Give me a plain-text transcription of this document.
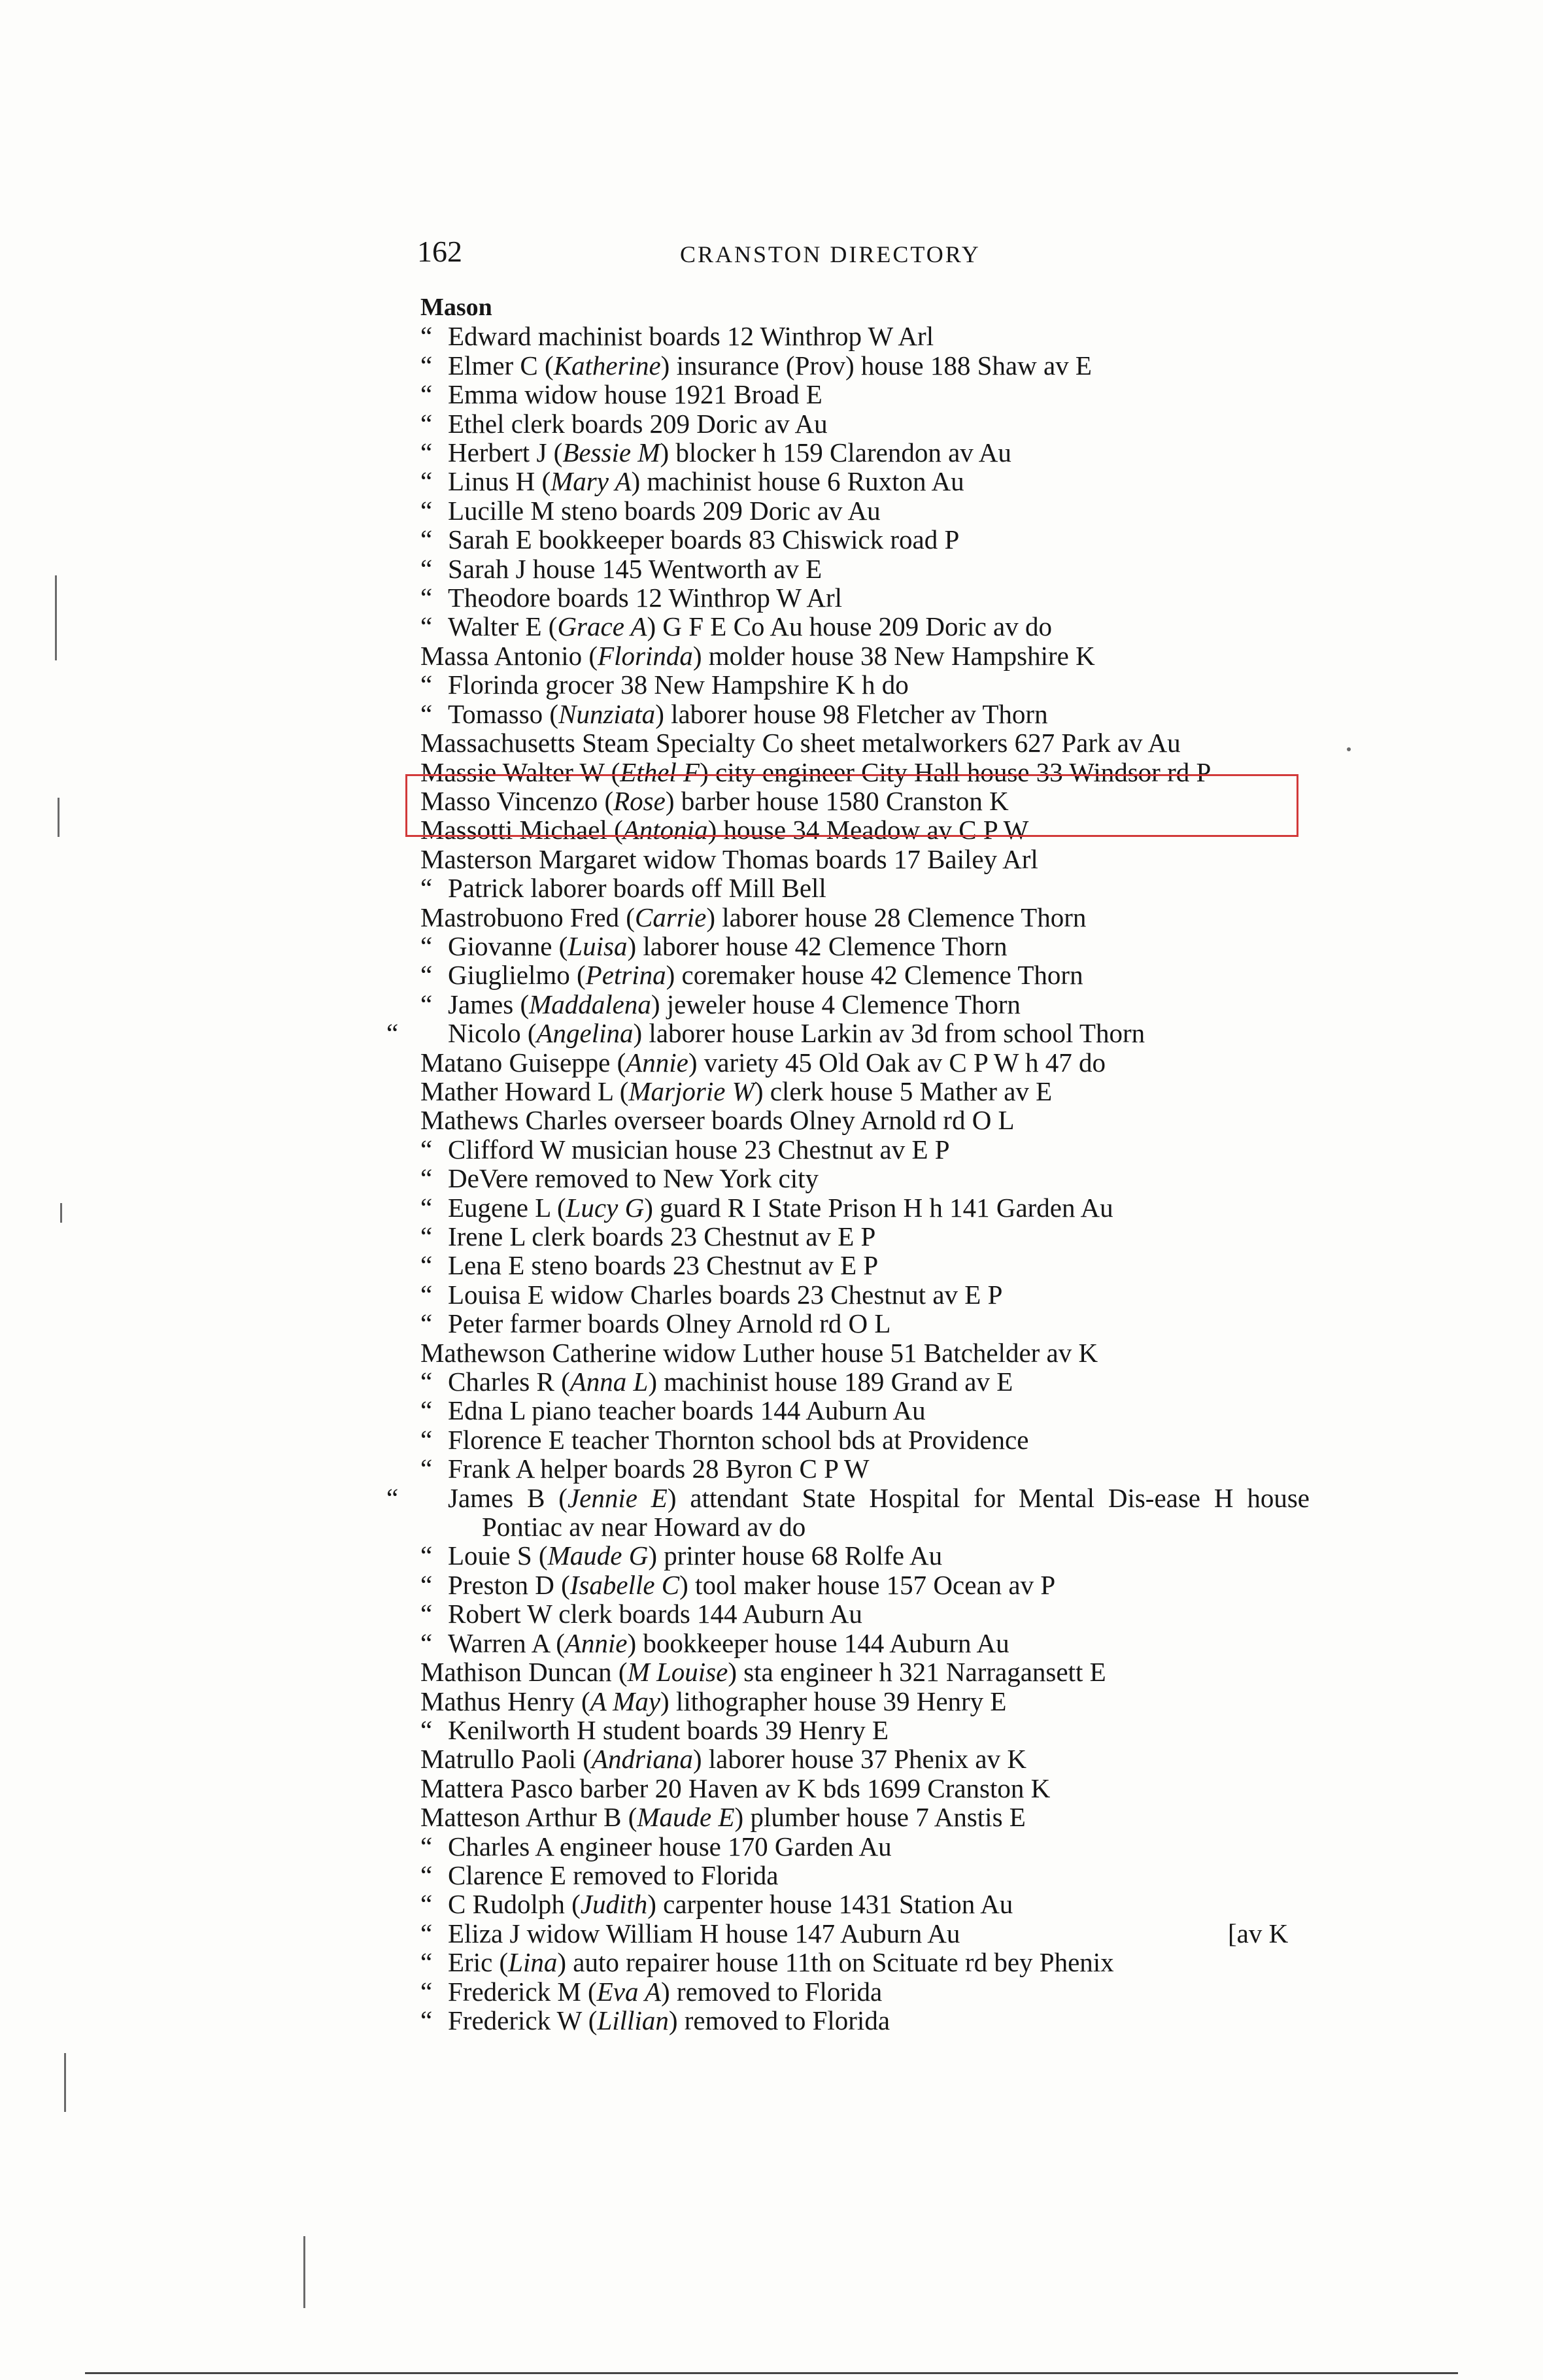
162	CRANSTON DIRECTORY
Mason
“ Edward machinist boards 12 Winthrop W Arl
“ Elmer C (Katherine) insurance (Prov) house 188 Shaw av E
“ Emma widow house 1921 Broad E
“ Ethel clerk boards 209 Doric av Au
“ Herbert J (Bessie M) blocker h 159 Clarendon av Au
“ Linus H (Mary A) machinist house 6 Ruxton Au
“ Lucille M steno boards 209 Doric av Au
“ Sarah E bookkeeper boards 83 Chiswick road P
“ Sarah J house 145 Wentworth av E
“ Theodore boards 12 Winthrop W Arl
“ Walter E (Grace A) G F E Co Au house 209 Doric av do
Massa Antonio (Florinda) molder house 38 New Hampshire K
“ Florinda grocer 38 New Hampshire K h do
“ Tomasso (Nunziata) laborer house 98 Fletcher av Thorn
Massachusetts Steam Specialty Co sheet metalworkers 627 Park av Au
Massie Walter W (Ethel F) city engineer City Hall house 33 Windsor rd P
Masso Vincenzo (Rose) barber house 1580 Cranston K
Massotti Michael (Antonia) house 34 Meadow av C P W
Masterson Margaret widow Thomas boards 17 Bailey Arl
“ Patrick laborer boards off Mill Bell
Mastrobuono Fred (Carrie) laborer house 28 Clemence Thorn
“ Giovanne (Luisa) laborer house 42 Clemence Thorn
“ Giuglielmo (Petrina) coremaker house 42 Clemence Thorn
“ James (Maddalena) jeweler house 4 Clemence Thorn
“	Nicolo (Angelina) laborer house Larkin av 3d from school Thorn
Matano Guiseppe (Annie) variety 45 Old Oak av C P W h 47 do
Mather Howard L (Marjorie W) clerk house 5 Mather av E
Mathews Charles overseer boards Olney Arnold rd O L
“ Clifford W musician house 23 Chestnut av E P
“ DeVere removed to New York city
“ Eugene L (Lucy G) guard R I State Prison H h 141 Garden Au
“ Irene L clerk boards 23 Chestnut av E P
“ Lena E steno boards 23 Chestnut av E P
“ Louisa E widow Charles boards 23 Chestnut av E P
“ Peter farmer boards Olney Arnold rd O L
Mathewson Catherine widow Luther house 51 Batchelder av K
“ Charles R (Anna L) machinist house 189 Grand av E
“ Edna L piano teacher boards 144 Auburn Au
“ Florence E teacher Thornton school bds at Providence
“ Frank A helper boards 28 Byron C P W
“	James B (Jennie E) attendant State Hospital for Mental Dis-ease H house Pontiac av near Howard av do
“ Louie S (Maude G) printer house 68 Rolfe Au
“ Preston D (Isabelle C) tool maker house 157 Ocean av P
“ Robert W clerk boards 144 Auburn Au
“ Warren A (Annie) bookkeeper house 144 Auburn Au
Mathison Duncan (M Louise) sta engineer h 321 Narragansett E
Mathus Henry (A May) lithographer house 39 Henry E
“ Kenilworth H student boards 39 Henry E
Matrullo Paoli (Andriana) laborer house 37 Phenix av K
Mattera Pasco barber 20 Haven av K bds 1699 Cranston K
Matteson Arthur B (Maude E) plumber house 7 Anstis E
“ Charles A engineer house 170 Garden Au
“ Clarence E removed to Florida
“ C Rudolph (Judith) carpenter house 1431 Station Au
“ Eliza J widow William H house 147 Auburn Au	[av K
“ Eric (Lina) auto repairer house 11th on Scituate rd bey Phenix
“ Frederick M (Eva A) removed to Florida
“ Frederick W (Lillian) removed to Florida
